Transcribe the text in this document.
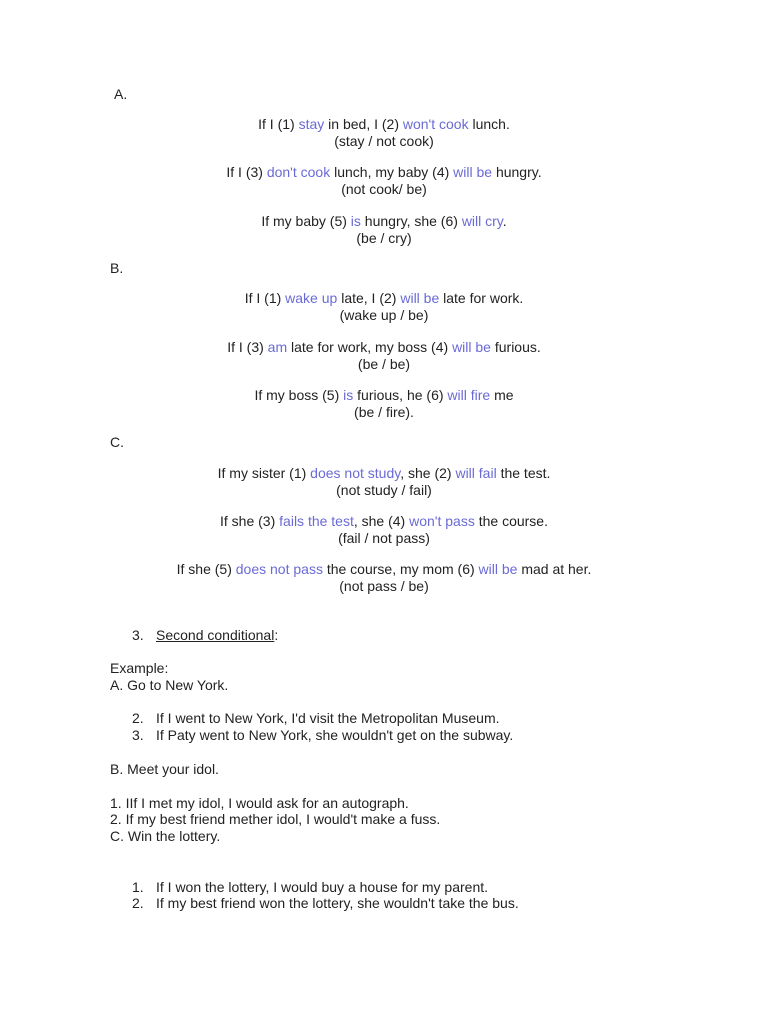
A.
If I (1) stay in bed, I (2) won't cook lunch.
(stay / not cook)
If I (3) don't cook lunch, my baby (4) will be hungry.
(not cook/ be)
If my baby (5) is hungry, she (6) will cry.
(be / cry)
B.
If I (1) wake up late, I (2) will be late for work.
(wake up / be)
If I (3) am late for work, my boss (4) will be furious.
(be / be)
If my boss (5) is furious, he (6) will fire me
(be / fire).
C.
If my sister (1) does not study, she (2) will fail the test.
(not study / fail)
If she (3) fails the test, she (4) won't pass the course.
(fail / not pass)
If she (5) does not pass the course, my mom (6) will be mad at her.
(not pass / be)
3. Second conditional:
Example:
A. Go to New York.
2. If I went to New York, I'd visit the Metropolitan Museum.
3. If Paty went to New York, she wouldn't get on the subway.
B. Meet your idol.
1. IIf I met my idol, I would ask for an autograph.
2. If my best friend mether idol, I would't make a fuss.
C. Win the lottery.
1. If I won the lottery, I would buy a house for my parent.
2. If my best friend won the lottery, she wouldn't take the bus.
